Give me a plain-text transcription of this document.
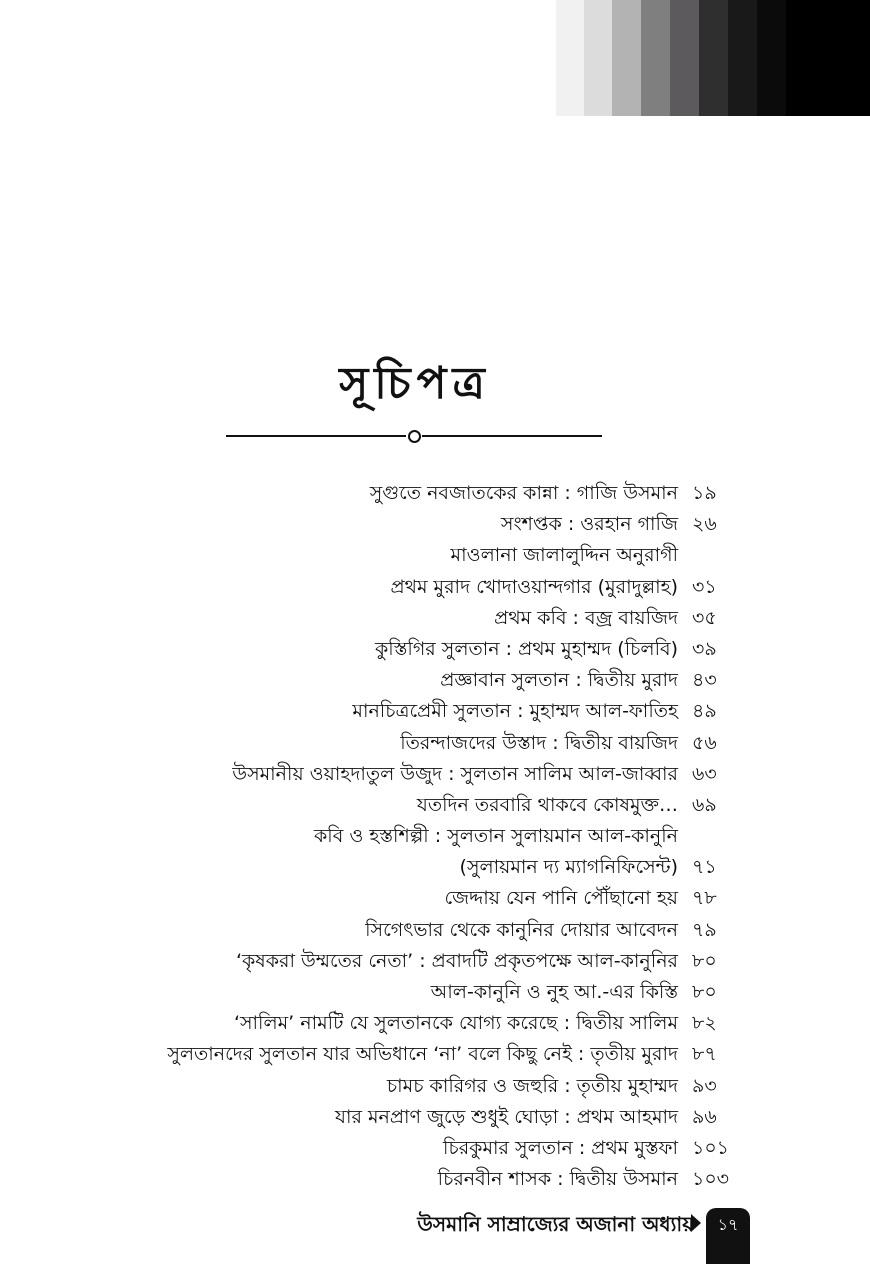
সূচিপত্র
সুগুতে নবজাতকের কান্না : গাজি উসমান ১৯
সংশপ্তক : ওরহান গাজি ২৬
মাওলানা জালালুদ্দিন অনুরাগী
প্রথম মুরাদ খোদাওয়ান্দগার (মুরাদুল্লাহ) ৩১
প্রথম কবি : বজ্র বায়জিদ ৩৫
কুস্তিগির সুলতান : প্রথম মুহাম্মদ (চিলবি) ৩৯
প্রজ্ঞাবান সুলতান : দ্বিতীয় মুরাদ ৪৩
মানচিত্রপ্রেমী সুলতান : মুহাম্মদ আল-ফাতিহ ৪৯
তিরন্দাজদের উস্তাদ : দ্বিতীয় বায়জিদ ৫৬
উসমানীয় ওয়াহদাতুল উজুদ : সুলতান সালিম আল-জাব্বার ৬৩
যতদিন তরবারি থাকবে কোষমুক্ত… ৬৯
কবি ও হস্তশিল্পী : সুলতান সুলায়মান আল-কানুনি
(সুলায়মান দ্য ম্যাগনিফিসেন্ট) ৭১
জেদ্দায় যেন পানি পৌঁছানো হয় ৭৮
সিগেৎভার থেকে কানুনির দোয়ার আবেদন ৭৯
‘কৃষকরা উম্মতের নেতা’ : প্রবাদটি প্রকৃতপক্ষে আল-কানুনির ৮০
আল-কানুনি ও নুহ আ.-এর কিস্তি ৮০
‘সালিম’ নামটি যে সুলতানকে যোগ্য করেছে : দ্বিতীয় সালিম ৮২
সুলতানদের সুলতান যার অভিধানে ‘না’ বলে কিছু নেই : তৃতীয় মুরাদ ৮৭
চামচ কারিগর ও জহুরি : তৃতীয় মুহাম্মদ ৯৩
যার মনপ্রাণ জুড়ে শুধুই ঘোড়া : প্রথম আহমাদ ৯৬
চিরকুমার সুলতান : প্রথম মুস্তফা ১০১
চিরনবীন শাসক : দ্বিতীয় উসমান ১০৩
উসমানি সাম্রাজ্যের অজানা অধ্যায়	১৭
